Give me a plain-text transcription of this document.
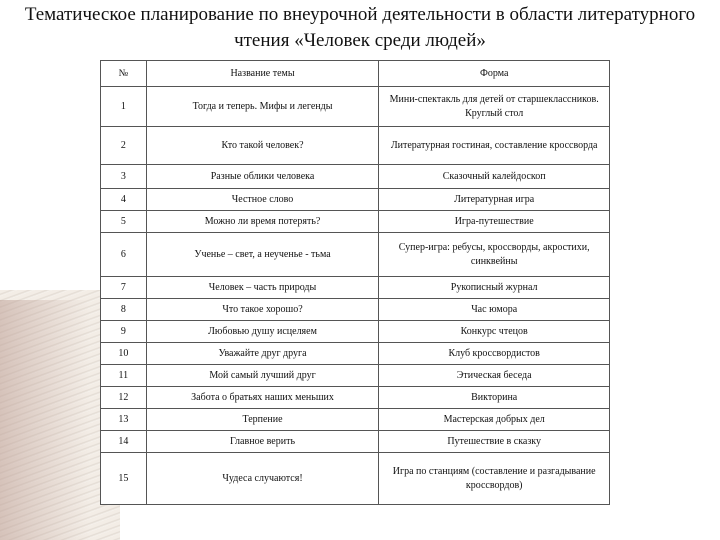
Тематическое планирование по внеурочной деятельности в области литературного
чтения «Человек среди людей»
№	Название темы	Форма
1	Тогда и теперь. Мифы и легенды	Мини-спектакль для детей от старшеклассников. Круглый стол
2	Кто такой человек?	Литературная гостиная, составление кроссворда
3	Разные облики человека	Сказочный калейдоскоп
4	Честное слово	Литературная игра
5	Можно ли время потерять?	Игра-путешествие
6	Ученье – свет, а неученье - тьма	Супер-игра: ребусы, кроссворды, акростихи, синквейны
7	Человек – часть природы	Рукописный журнал
8	Что такое хорошо?	Час юмора
9	Любовью душу исцеляем	Конкурс чтецов
10	Уважайте друг друга	Клуб кроссвордистов
11	Мой самый лучший друг	Этическая беседа
12	Забота о братьях наших меньших	Викторина
13	Терпение	Мастерская добрых дел
14	Главное верить	Путешествие в сказку
15	Чудеса случаются!	Игра по станциям (составление и разгадывание кроссвордов)
